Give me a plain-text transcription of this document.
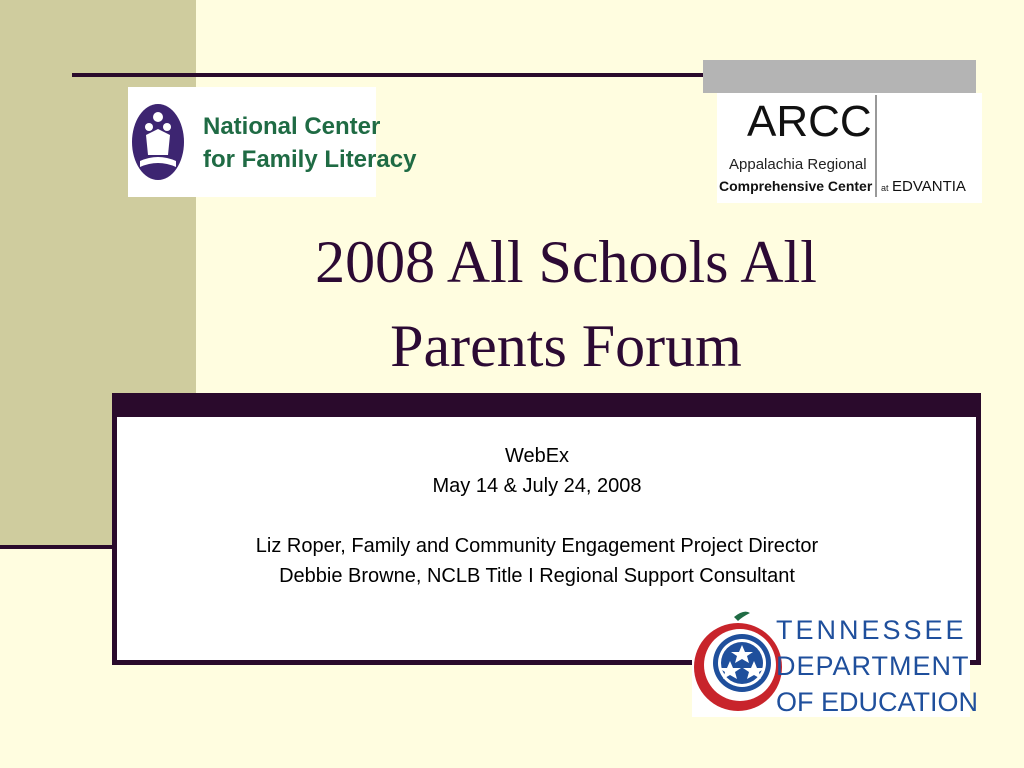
National Center
for Family Literacy
ARCC
Appalachia Regional
Comprehensive Center at EDVANTIA
2008 All Schools All
Parents Forum
WebEx
May 14 & July 24, 2008
Liz Roper, Family and Community Engagement Project Director
Debbie Browne, NCLB Title I Regional Support Consultant
TENNESSEE
DEPARTMENT
OF EDUCATION
